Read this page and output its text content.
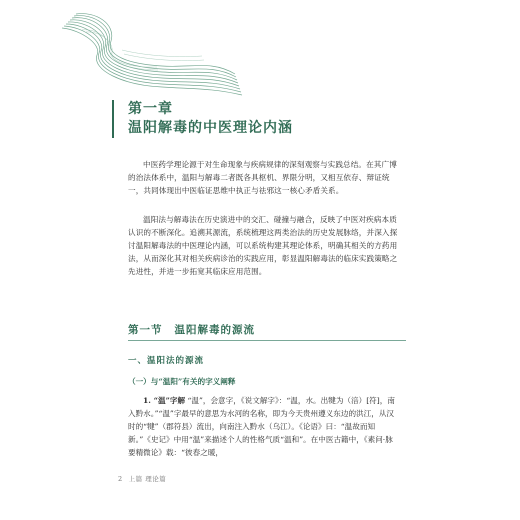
第一章
温阳解毒的中医理论内涵

中医药学理论源于对生命现象与疾病规律的深刻观察与实践总结。在其广博的治法体系中，温阳与解毒二者既各具枢机、界限分明，又相互依存、辩证统一，共同体现出中医临证思维中执正与祛邪这一核心矛盾关系。

温阳法与解毒法在历史演进中的交汇、碰撞与融合，反映了中医对疾病本质认识的不断深化。追溯其源流，系统梳理这两类治法的历史发展脉络，并深入探讨温阳解毒法的中医理论内涵，可以系统构建其理论体系，明确其相关的方药用法，从而深化其对相关疾病诊治的实践应用，彰显温阳解毒法的临床实践策略之先进性，并进一步拓宽其临床应用范围。

第一节 温阳解毒的源流
一、温阳法的源流
（一）与“温阳”有关的字义阐释

1. “温”字解 “温”，会意字，《说文解字》：“温，水。出犍为（涪）[符]，南入黔水。”“温”字最早的意思为水河的名称，即为今天贵州遵义东边的洪江，从汉时的“犍”（郡符县）流出，向南注入黔水（乌江）。《论语》曰：“温故而知新。”《史记》中用“温”来描述个人的性格气质“温和”。在中医古籍中，《素问·脉要精微论》载：“彼春之暖，

2 上篇 理论篇
